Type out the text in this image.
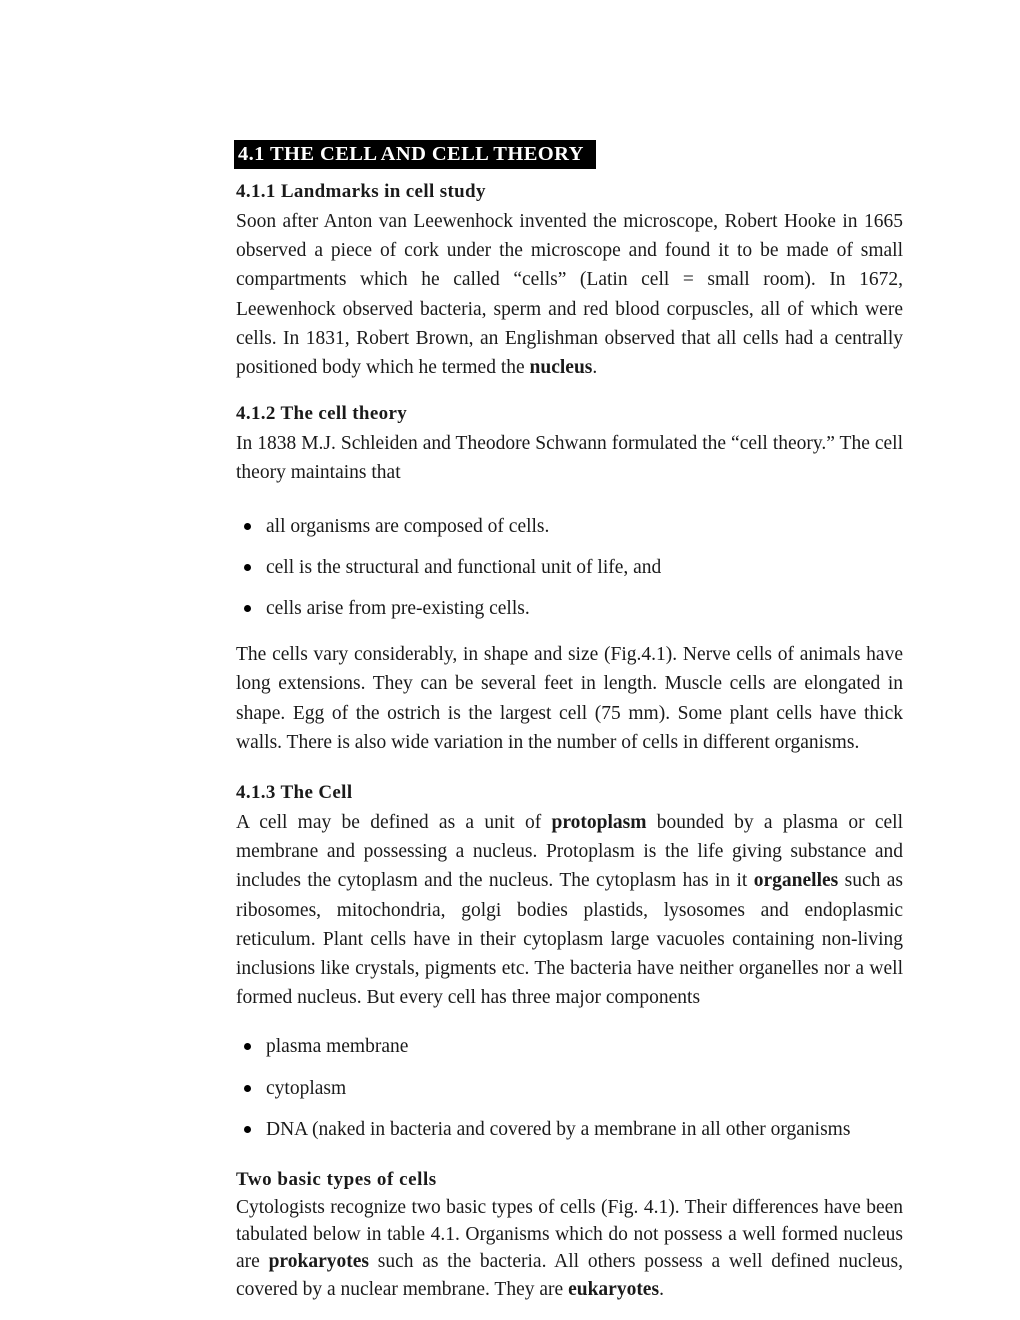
4.1 THE CELL AND CELL THEORY
4.1.1 Landmarks in cell study

Soon after Anton van Leewenhock invented the microscope, Robert Hooke in 1665 observed a piece of cork under the microscope and found it to be made of small compartments which he called “cells” (Latin cell = small room). In 1672, Leewenhock observed bacteria, sperm and red blood corpuscles, all of which were cells. In 1831, Robert Brown, an Englishman observed that all cells had a centrally positioned body which he termed the nucleus.

4.1.2 The cell theory

In 1838 M.J. Schleiden and Theodore Schwann formulated the “cell theory.” The cell theory maintains that

all organisms are composed of cells.
cell is the structural and functional unit of life, and
cells arise from pre-existing cells.

The cells vary considerably, in shape and size (Fig.4.1). Nerve cells of animals have long extensions. They can be several feet in length. Muscle cells are elongated in shape. Egg of the ostrich is the largest cell (75 mm). Some plant cells have thick walls. There is also wide variation in the number of cells in different organisms.

4.1.3 The Cell

A cell may be defined as a unit of protoplasm bounded by a plasma or cell membrane and possessing a nucleus. Protoplasm is the life giving substance and includes the cytoplasm and the nucleus. The cytoplasm has in it organelles such as ribosomes, mitochondria, golgi bodies plastids, lysosomes and endoplasmic reticulum. Plant cells have in their cytoplasm large vacuoles containing non-living inclusions like crystals, pigments etc. The bacteria have neither organelles nor a well formed nucleus. But every cell has three major components

plasma membrane
cytoplasm
DNA (naked in bacteria and covered by a membrane in all other organisms
Two basic types of cells

Cytologists recognize two basic types of cells (Fig. 4.1). Their differences have been tabulated below in table 4.1. Organisms which do not possess a well formed nucleus are prokaryotes such as the bacteria. All others possess a well defined nucleus, covered by a nuclear membrane. They are eukaryotes.
